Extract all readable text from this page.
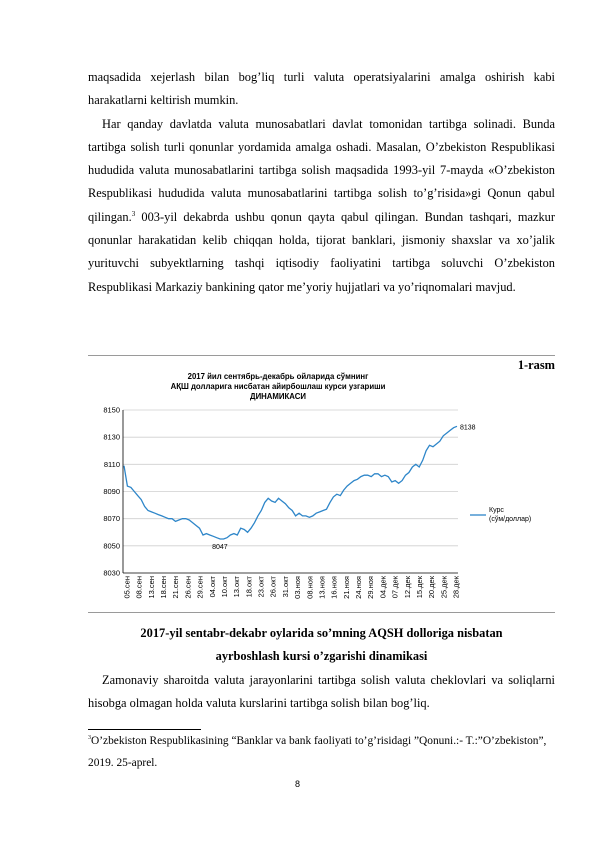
maqsadida xejerlash bilan bog’liq turli valuta operatsiyalarini amalga oshirish kabi harakatlarni keltirish mumkin.

Har qanday davlatda valuta munosabatlari davlat tomonidan tartibga solinadi. Bunda tartibga solish turli qonunlar yordamida amalga oshadi. Masalan, O’zbekiston Respublikasi hududida valuta munosabatlarini tartibga solish maqsadida 1993-yil 7-mayda «O’zbekiston Respublikasi hududida valuta munosabatlarini tartibga solish to’g’risida»gi Qonun qabul qilingan.$^3$ 003-yil dekabrda ushbu qonun qayta qabul qilingan. Bundan tashqari, mazkur qonunlar harakatidan kelib chiqqan holda, tijorat banklari, jismoniy shaxslar va xo’jalik yurituvchi subyektlarning tashqi iqtisodiy faoliyatini tartibga soluvchi O’zbekiston Respublikasi Markaziy bankining qator me’yoriy hujjatlari va yo’riqnomalari mavjud.

1-rasm
2017 йил сентябрь-декабрь ойларида сўмнинг
АҚШ долларига нисбатан айирбошлаш курси узгариши
ДИНАМИКАСИ
8150
8130
8110
8090
8070
8050
8030
05.сен 08.сен 13.сен 18.сен 21.сен 26.сен 29.сен 04.окт 10.окт 13.окт 18.окт 23.окт 26.окт 31.окт 03.ноя 08.ноя 13.ноя 16.ноя 21.ноя 24.ноя 29.ноя 04.дек 07.дек 12.дек 15.дек 20.дек 25.дек 28.дек
8047
8138
Курс
(сўм/доллар)
2017-yil sentabr-dekabr oylarida so’mning AQSH dolloriga nisbatan
ayrboshlash kursi o’zgarishi dinamikasi

Zamonaviy sharoitda valuta jarayonlarini tartibga solish valuta cheklovlari va soliqlarni hisobga olmagan holda valuta kurslarini tartibga solish bilan bog’liq.

$^3$O’zbekiston Respublikasining “Banklar va bank faoliyati to’g’risidagi ”Qonuni.:- T.:”O’zbekiston”, 2019. 25-aprel.
8
